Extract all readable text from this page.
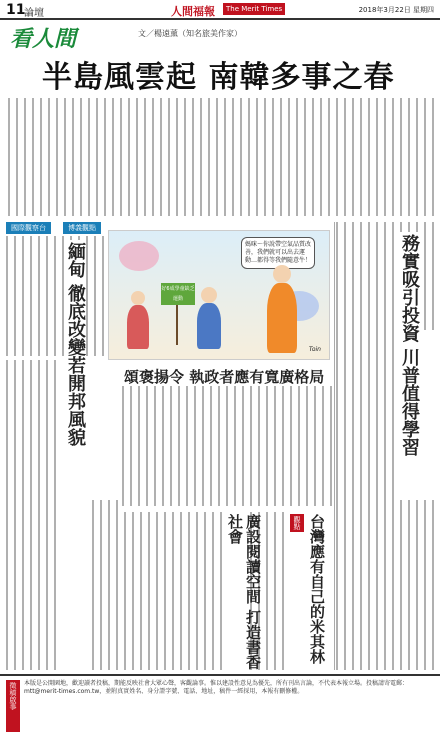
11
論壇	人間福報	The Merit Times	2018年3月22日 星期四
看人間	文／楊遠薰（知名旅美作家）
半島風雲起 南韓多事之春
國際觀察台	博義觀點
緬甸 徹底改變若開邦風貌	媽咪～你說帶空氣品質改善，我們就可以出去運動…都得等我們隨意牛！
好6成學童缺乏運動
Toin
頌褒揚令 執政者應有寬廣格局	務實吸引投資 川普值得學習
觀點 台灣應有自己的米其林
廣設閱讀空間 打造書香社會
徵稿啟事	本版是公開園地，歡迎讀者投稿，期能反映社會大眾心聲，客觀論事。惟以建設性意見為優先，所有刊出言論，不代表本報立場。投稿請寄電郵：mtt@merit-times.com.tw，並附真實姓名、身分證字號、電話、地址，稿件一經採用，本報有刪修權。
